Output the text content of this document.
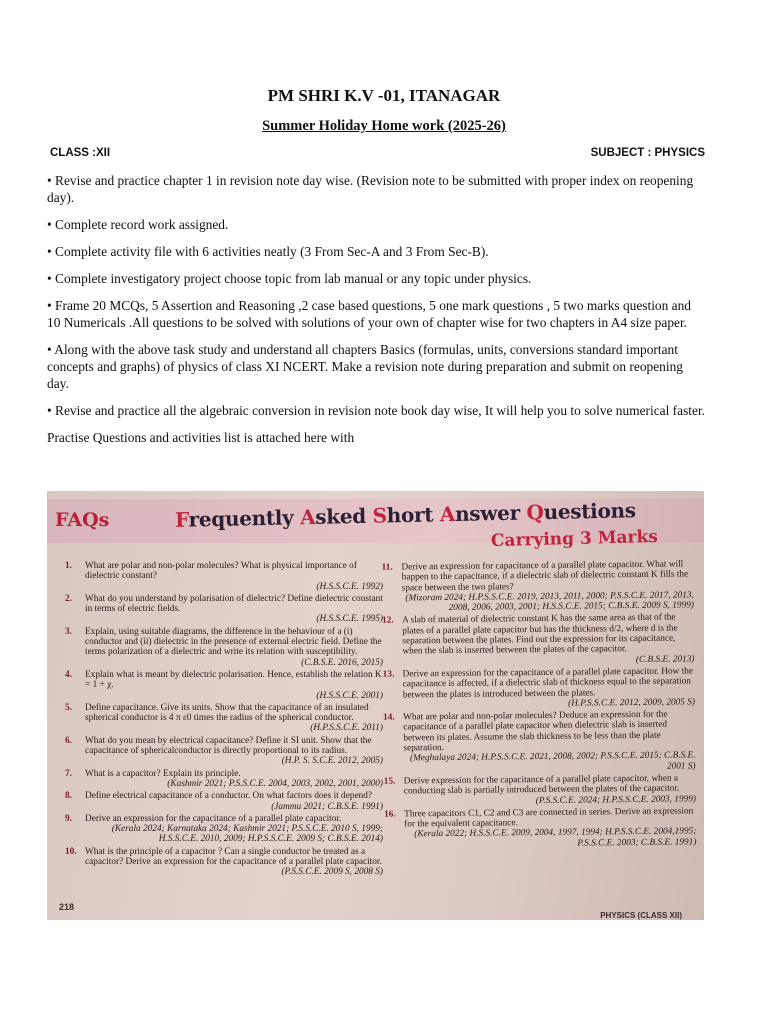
PM SHRI K.V -01, ITANAGAR
Summer Holiday Home work (2025-26)
CLASS :XII	SUBJECT : PHYSICS

• Revise and practice chapter 1 in revision note day wise. (Revision note to be submitted with proper index on reopening day).

• Complete record work assigned.

• Complete activity file with 6 activities neatly (3 From Sec-A and 3 From Sec-B).

• Complete investigatory project choose topic from lab manual or any topic under physics.

• Frame 20 MCQs, 5 Assertion and Reasoning ,2 case based questions, 5 one mark questions , 5 two marks question and 10 Numericals .All questions to be solved with solutions of your own of chapter wise for two chapters in A4 size paper.

• Along with the above task study and understand all chapters Basics (formulas, units, conversions standard important concepts and graphs) of physics of class XI NCERT. Make a revision note during preparation and submit on reopening day.

• Revise and practice all the algebraic conversion in revision note book day wise, It will help you to solve numerical faster.

Practise Questions and activities list is attached here with

FAQs	Frequently Asked Short Answer Questions
Carrying 3 Marks
1.	What are polar and non-polar molecules? What is physical importance of dielectric constant?
(H.S.S.C.E. 1992)
2.	What do you understand by polarisation of dielectric? Define dielectric constant in terms of electric fields.
(H.S.S.C.E. 1995)
3.	Explain, using suitable diagrams, the difference in the behaviour of a (i) conductor and (ii) dielectric in the presence of external electric field. Define the terms polarization of a dielectric and write its relation with susceptibility.
(C.B.S.E. 2016, 2015)
4.	Explain what is meant by dielectric polarisation. Hence, establish the relation K = 1 + χ.
(H.S.S.C.E. 2001)
5.	Define capacitance. Give its units. Show that the capacitance of an insulated spherical conductor is 4 π ε0 times the radius of the spherical conductor.
(H.P.S.S.C.E. 2011)
6.	What do you mean by electrical capacitance? Define it SI unit. Show that the capacitance of sphericalconductor is directly proportional to its radius.
(H.P. S. S.C.E. 2012, 2005)
7.	What is a capacitor? Explain its principle.
(Kashmir 2021; P.S.S.C.E. 2004, 2003, 2002, 2001, 2000)
8.	Define electrical capacitance of a conductor. On what factors does it depend?
(Jammu 2021; C.B.S.E. 1991)
9.	Derive an expression for the capacitance of a parallel plate capacitor.
(Kerala 2024; Karnataka 2024; Kashmir 2021; P.S.S.C.E. 2010 S, 1999; H.S.S.C.E. 2010, 2009; H.P.S.S.C.E. 2009 S; C.B.S.E. 2014)
10. What is the principle of a capacitor ? Can a single conductor be treated as a capacitor? Derive an expression for the capacitance of a parallel plate capacitor.
(P.S.S.C.E. 2009 S, 2008 S)
11. Derive an expression for capacitance of a parallel plate capacitor. What will happen to the capacitance, if a dielectric slab of dielectric constant K fills the space between the two plates?
(Mizoram 2024; H.P.S.S.C.E. 2019, 2013, 2011, 2000; P.S.S.C.E. 2017, 2013, 2008, 2006, 2003, 2001; H.S.S.C.E. 2015; C.B.S.E. 2009 S, 1999)
12. A slab of material of dielectric constant K has the same area as that of the plates of a parallel plate capacitor but has the thickness d/2, where d is the separation between the plates. Find out the expression for its capacitance, when the slab is inserted between the plates of the capacitor.
(C.B.S.E. 2013)
13. Derive an expression for the capacitance of a parallel plate capacitor. How the capacitance is affected, if a dielectric slab of thickness equal to the separation between the plates is introduced between the plates.
(H.P.S.S.C.E. 2012, 2009, 2005 S)
14. What are polar and non-polar molecules? Deduce an expression for the capacitance of a parallel plate capacitor when dielectric slab is inserted between its plates. Assume the slab thickness to be less than the plate separation.
(Meghalaya 2024; H.P.S.S.C.E. 2021, 2008, 2002; P.S.S.C.E. 2015; C.B.S.E. 2001 S)
15. Derive expression for the capacitance of a parallel plate capacitor, when a conducting slab is partially introduced between the plates of the capacitor.
(P.S.S.C.E. 2024; H.P.S.S.C.E. 2003, 1999)
16. Three capacitors C1, C2 and C3 are connected in series. Derive an expression for the equivalent capacitance.
(Kerala 2022; H.S.S.C.E. 2009, 2004, 1997, 1994; H.P.S.S.C.E. 2004,1995; P.S.S.C.E. 2003; C.B.S.E. 1991)
218
PHYSICS (CLASS XII)
